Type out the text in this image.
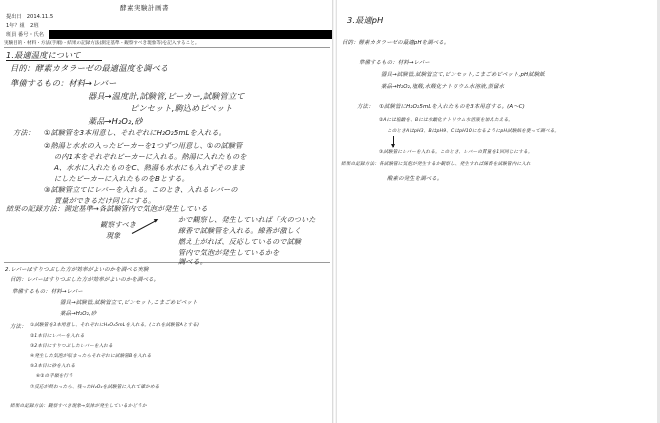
酵素実験計画書
提出日　2014.11.5
1年？組　2班
班員 番号・氏名
実験目的・材料・方法(手順)・結果の記録方法(測定基準・観察すべき現象等)を記入すること。
1.最適温度について
目的：酵素カタラーゼの最適温度を調べる
準備するもの：材料→レバー
器具→温度計,試験管,ビーカー,試験管立て
ピンセット,駒込めピペット
薬品→H₂O₂,砂
方法： ①試験管を3本用意し、それぞれにH₂O₂5mLを入れる。
②熱湯と水水の入ったビーカーを1つずつ用意し、①の試験管
の内1本をそれぞれビーカーに入れる。熱湯に入れたものを
A、水水に入れたものをC、熱湯も水水にも入れずそのまま
にしたビーカーに入れたものをBとする。
③試験管立てにレバーを入れる。このとき、入れるレバーの
質量ができるだけ同じにする。
結果の記録方法：測定基準→各試験管内で気泡が発生している
かで観察し、発生していれば「火のついた
線香で試験管を入れる。線香が激しく
燃え上がれば、反応しているので試験
管内で気泡が発生しているかを
調べる。
観察すべき
現象
2.レバーはすりつぶした方が効率がよいのかを調べる実験
目的：レバーはすりつぶした方が効率がよいのかを調べる。
準備するもの：材料→レバー
器具→試験管,試験管立て,ピンセット,こまごめピペット
薬品→H₂O₂,砂
方法： ①試験管を3本用意し、それぞれにH₂O₂5mLを入れる。(これを試験管Aとする)
②1本目にレバーを入れる
③2本目にすりつぶしたレバーを入れる
④発生した気泡が収まったらそれぞれに試験管Bを入れる
⑤3本目に砂を入れる
⑥②の手順を行う
⑦反応が終わったら、残ったH₂O₂を試験管に入れて確かめる
結果の記録方法：観察すべき現象→気体が発生しているかどうか
3.最適pH
目的：酵素カタラーゼの最適pHを調べる。
準備するもの：材料→レバー
器具→試験管,試験管立て,ピンセット,こまごめピペット,pH試験紙
薬品→H₂O₂,塩酸,水酸化ナトリウム水溶液,蒸留水
方法： ①試験管にH₂O₂5mLを入れたものを3本用意する。(A〜C)
②Aには塩酸を、Bには水酸化ナトリウム水溶液を加えたえる。
このときAはpH3、BはpH9、CはpH10になるようにpH試験紙を使って調べる。
③試験管にレバーを入れる。このとき、レバーの質量を1回同じにする。
結果の記録方法：各試験管に気泡が発生するか観察し、発生すれば線香を試験管内に入れ
酸素の発生を調べる。
